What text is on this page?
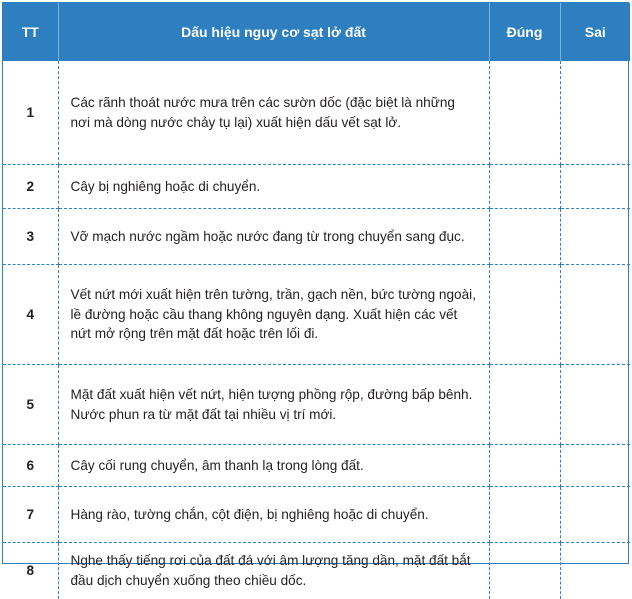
TT	Dấu hiệu nguy cơ sạt lở đất	Đúng	Sai
1	Các rãnh thoát nước mưa trên các sườn dốc (đặc biệt là những nơi mà dòng nước chảy tụ lại) xuất hiện dấu vết sạt lở.		
2	Cây bị nghiêng hoặc di chuyển.		
3	Vỡ mạch nước ngầm hoặc nước đang từ trong chuyển sang đục.		
4	Vết nứt mới xuất hiện trên tường, trần, gạch nền, bức tường ngoài, lề đường hoặc cầu thang không nguyên dạng. Xuất hiện các vết nứt mở rộng trên mặt đất hoặc trên lối đi.		
5	Mặt đất xuất hiện vết nứt, hiện tượng phồng rộp, đường bấp bênh. Nước phun ra từ mặt đất tại nhiều vị trí mới.		
6	Cây cối rung chuyển, âm thanh lạ trong lòng đất.		
7	Hàng rào, tường chắn, cột điện, bị nghiêng hoặc di chuyển.		
8	Nghe thấy tiếng rơi của đất đá với âm lượng tăng dần, mặt đất bắt đầu dịch chuyển xuống theo chiều dốc.		
